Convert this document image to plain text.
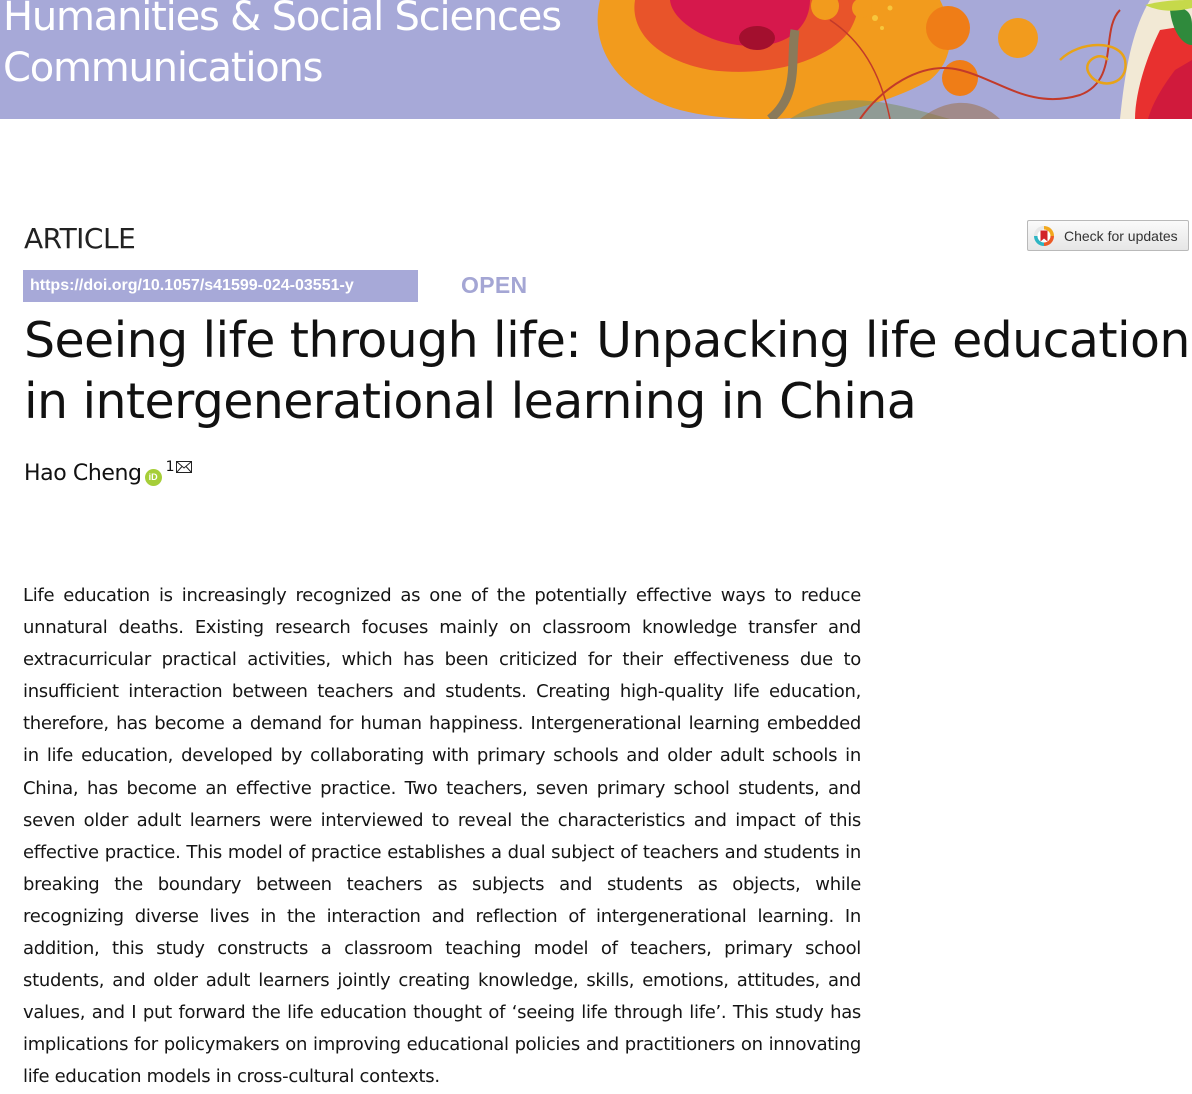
Humanities & Social Sciences
Communications
ARTICLE	Check for updates
https://doi.org/10.1057/s41599-024-03551-y	OPEN
Seeing life through life: Unpacking life education in intergenerational learning in China
Hao Cheng iD
1

Life education is increasingly recognized as one of the potentially effective ways to reduce unnatural deaths. Existing research focuses mainly on classroom knowledge transfer and extracurricular practical activities, which has been criticized for their effectiveness due to insufficient interaction between teachers and students. Creating high-quality life education, therefore, has become a demand for human happiness. Intergenerational learning embedded in life education, developed by collaborating with primary schools and older adult schools in China, has become an effective practice. Two teachers, seven primary school students, and seven older adult learners were interviewed to reveal the characteristics and impact of this effective practice. This model of practice establishes a dual subject of teachers and students in breaking the boundary between teachers as subjects and students as objects, while recognizing diverse lives in the interaction and reflection of intergenerational learning. In addition, this study constructs a classroom teaching model of teachers, primary school students, and older adult learners jointly creating knowledge, skills, emotions, attitudes, and values, and I put forward the life education thought of ‘seeing life through life’. This study has implications for policymakers on improving educational policies and practitioners on innovating life education models in cross-cultural contexts.
